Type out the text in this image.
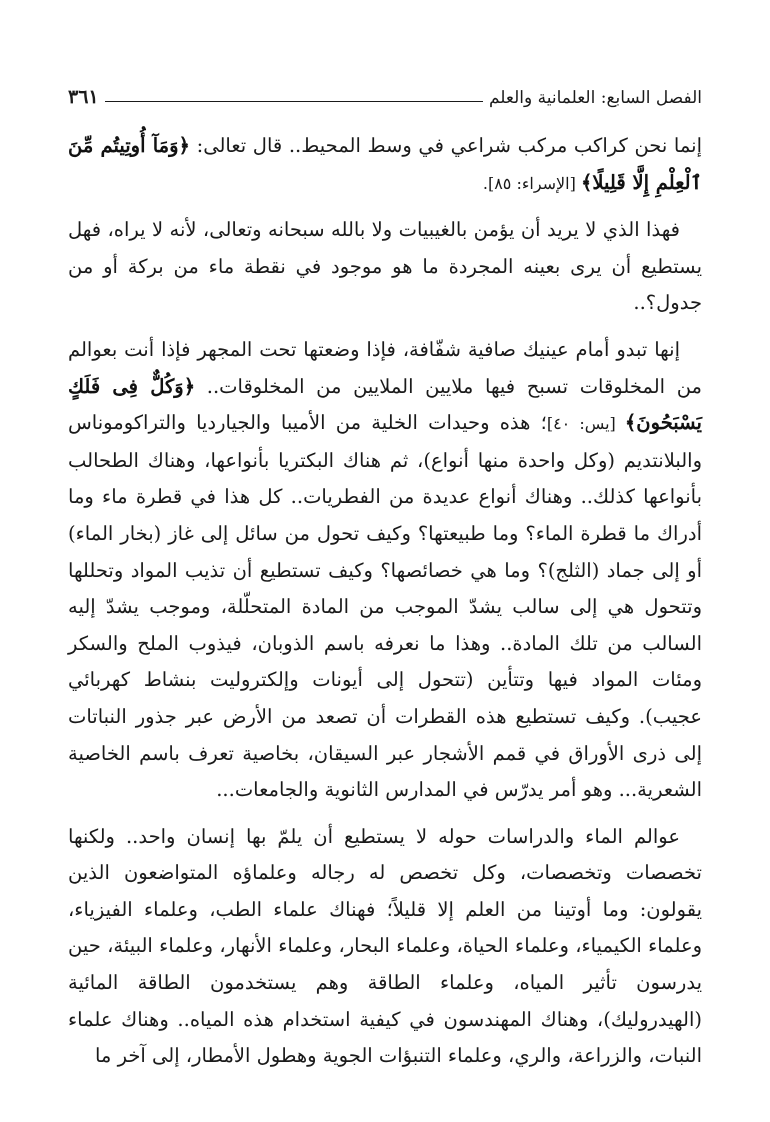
الفصل السابع: العلمانية والعلم
٣٦١

إنما نحن كراكب مركب شراعي في وسط المحيط.. قال تعالى: ﴿وَمَآ أُوتِيتُم مِّنَ ٱلْعِلْمِ إِلَّا قَلِيلًا﴾ [الإسراء: ٨٥].

فهذا الذي لا يريد أن يؤمن بالغيبيات ولا بالله سبحانه وتعالى، لأنه لا يراه، فهل يستطيع أن يرى بعينه المجردة ما هو موجود في نقطة ماء من بركة أو من جدول؟..

إنها تبدو أمام عينيك صافية شفّافة، فإذا وضعتها تحت المجهر فإذا أنت بعوالم من المخلوقات تسبح فيها ملايين الملايين من المخلوقات.. ﴿وَكُلٌّ فِى فَلَكٍ يَسْبَحُونَ﴾ [يس: ٤٠]؛ هذه وحيدات الخلية من الأميبا والجيارديا والتراكوموناس والبلانتديم (وكل واحدة منها أنواع)، ثم هناك البكتريا بأنواعها، وهناك الطحالب بأنواعها كذلك.. وهناك أنواع عديدة من الفطريات.. كل هذا في قطرة ماء وما أدراك ما قطرة الماء؟ وما طبيعتها؟ وكيف تحول من سائل إلى غاز (بخار الماء) أو إلى جماد (الثلج)؟ وما هي خصائصها؟ وكيف تستطيع أن تذيب المواد وتحللها وتتحول هي إلى سالب يشدّ الموجب من المادة المتحلّلة، وموجب يشدّ إليه السالب من تلك المادة.. وهذا ما نعرفه باسم الذوبان، فيذوب الملح والسكر ومئات المواد فيها وتتأين (تتحول إلى أيونات وإلكتروليت بنشاط كهربائي عجيب). وكيف تستطيع هذه القطرات أن تصعد من الأرض عبر جذور النباتات إلى ذرى الأوراق في قمم الأشجار عبر السيقان، بخاصية تعرف باسم الخاصية الشعرية... وهو أمر يدرّس في المدارس الثانوية والجامعات...

عوالم الماء والدراسات حوله لا يستطيع أن يلمّ بها إنسان واحد.. ولكنها تخصصات وتخصصات، وكل تخصص له رجاله وعلماؤه المتواضعون الذين يقولون: وما أوتينا من العلم إلا قليلاً؛ فهناك علماء الطب، وعلماء الفيزياء، وعلماء الكيمياء، وعلماء الحياة، وعلماء البحار، وعلماء الأنهار، وعلماء البيئة، حين يدرسون تأثير المياه، وعلماء الطاقة وهم يستخدمون الطاقة المائية (الهيدروليك)، وهناك المهندسون في كيفية استخدام هذه المياه.. وهناك علماء النبات، والزراعة، والري، وعلماء التنبؤات الجوية وهطول الأمطار، إلى آخر ما
